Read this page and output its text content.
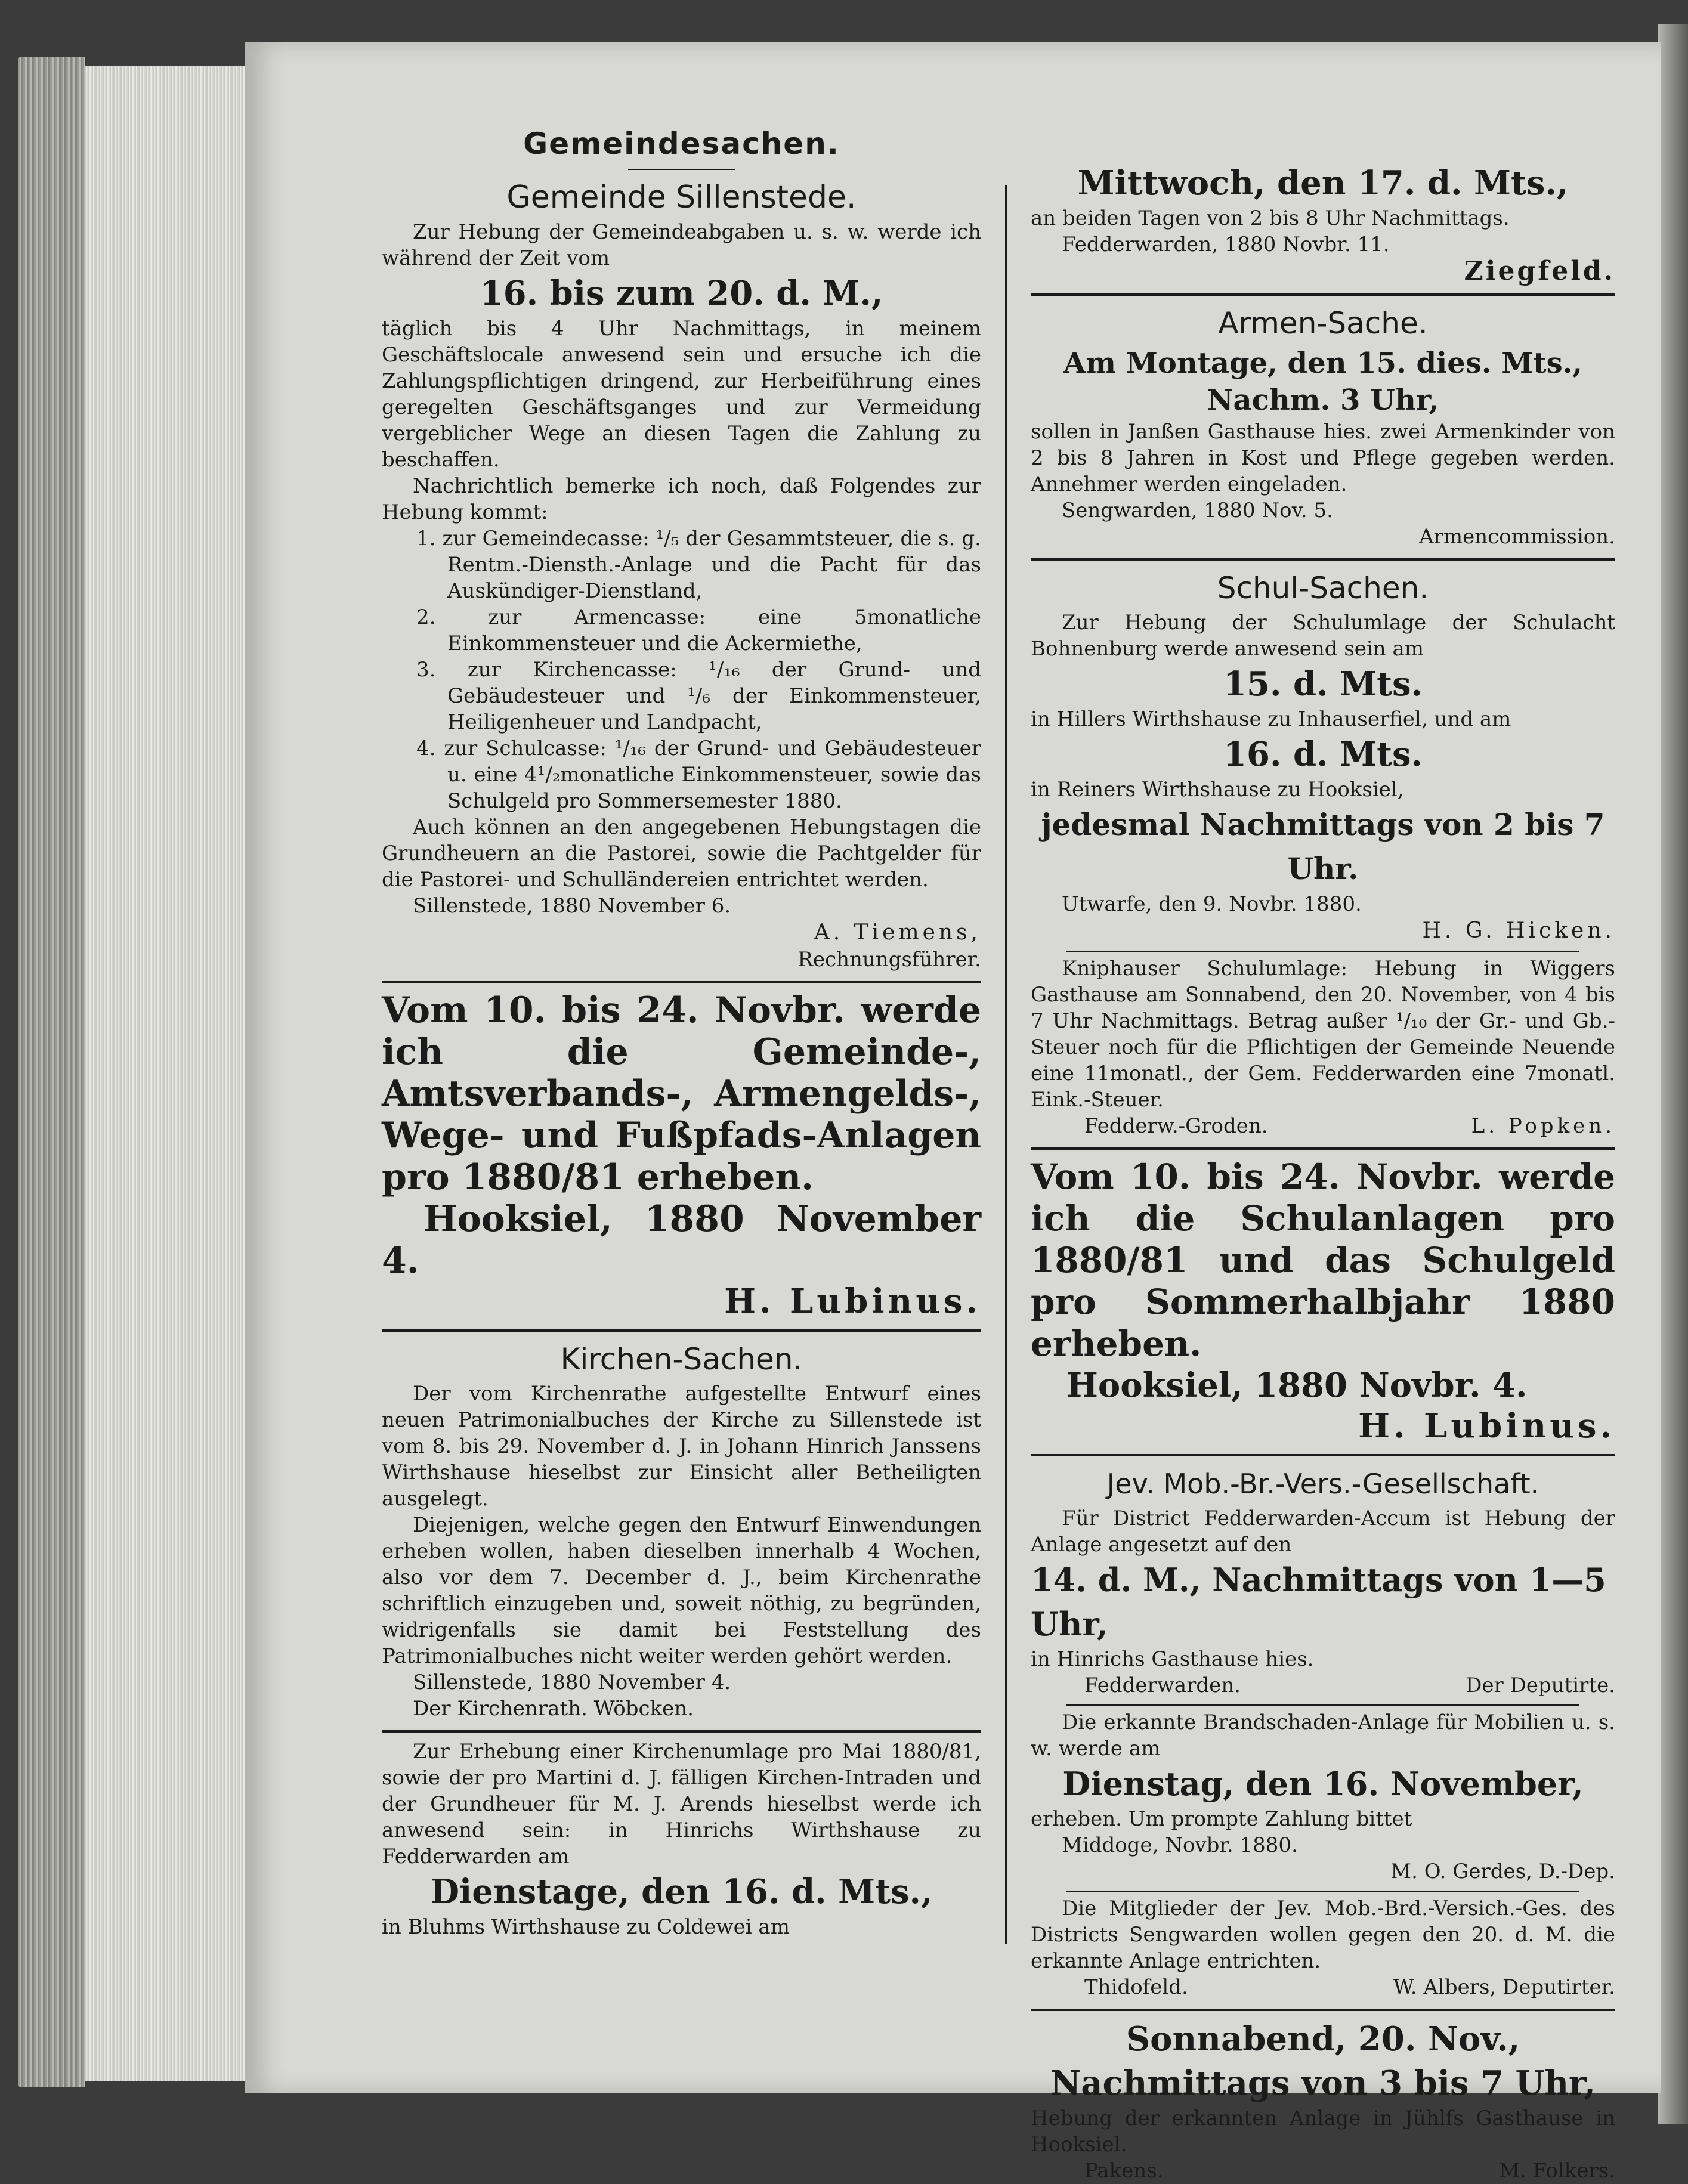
Gemeindesachen.
Gemeinde Sillenstede.

Zur Hebung der Gemeindeabgaben u. s. w. werde ich während der Zeit vom

16. bis zum 20. d. M.,

täglich bis 4 Uhr Nachmittags, in meinem Geschäftslocale anwesend sein und ersuche ich die Zahlungspflichtigen dringend, zur Herbeiführung eines geregelten Geschäftsganges und zur Vermeidung vergeblicher Wege an diesen Tagen die Zahlung zu beschaffen.

Nachrichtlich bemerke ich noch, daß Folgendes zur Hebung kommt:

1. zur Gemeindecasse: ¹/₅ der Gesammtsteuer, die s. g. Rentm.-Diensth.-Anlage und die Pacht für das Auskündiger-Dienstland,

2. zur Armencasse: eine 5monatliche Einkommensteuer und die Ackermiethe,

3. zur Kirchencasse: ¹/₁₆ der Grund- und Gebäudesteuer und ¹/₆ der Einkommensteuer, Heiligenheuer und Landpacht,

4. zur Schulcasse: ¹/₁₆ der Grund- und Gebäudesteuer u. eine 4¹/₂monatliche Einkommensteuer, sowie das Schulgeld pro Sommersemester 1880.

Auch können an den angegebenen Hebungstagen die Grundheuern an die Pastorei, sowie die Pachtgelder für die Pastorei- und Schulländereien entrichtet werden.

Sillenstede, 1880 November 6.

A. Tiemens,
Rechnungsführer.

Vom 10. bis 24. Novbr. werde ich die Gemeinde-, Amtsverbands-, Armengelds-, Wege- und Fußpfads-Anlagen pro 1880/81 erheben.

Hooksiel, 1880 November 4.
H. Lubinus.
Kirchen-Sachen.

Der vom Kirchenrathe aufgestellte Entwurf eines neuen Patrimonialbuches der Kirche zu Sillenstede ist vom 8. bis 29. November d. J. in Johann Hinrich Janssens Wirthshause hieselbst zur Einsicht aller Betheiligten ausgelegt.

Diejenigen, welche gegen den Entwurf Einwendungen erheben wollen, haben dieselben innerhalb 4 Wochen, also vor dem 7. December d. J., beim Kirchenrathe schriftlich einzugeben und, soweit nöthig, zu begründen, widrigenfalls sie damit bei Feststellung des Patrimonialbuches nicht weiter werden gehört werden.

Sillenstede, 1880 November 4.

Der Kirchenrath. Wöbcken.

Zur Erhebung einer Kirchenumlage pro Mai 1880/81, sowie der pro Martini d. J. fälligen Kirchen-Intraden und der Grundheuer für M. J. Arends hieselbst werde ich anwesend sein: in Hinrichs Wirthshause zu Fedderwarden am

Dienstage, den 16. d. Mts.,

in Bluhms Wirthshause zu Coldewei am

Mittwoch, den 17. d. Mts.,

an beiden Tagen von 2 bis 8 Uhr Nachmittags.

Fedderwarden, 1880 Novbr. 11.

Ziegfeld.
Armen-Sache.
Am Montage, den 15. dies. Mts.,
Nachm. 3 Uhr,

sollen in Janßen Gasthause hies. zwei Armenkinder von 2 bis 8 Jahren in Kost und Pflege gegeben werden. Annehmer werden eingeladen.

Sengwarden, 1880 Nov. 5.

Armencommission.
Schul-Sachen.

Zur Hebung der Schulumlage der Schulacht Bohnenburg werde anwesend sein am

15. d. Mts.

in Hillers Wirthshause zu Inhauserfiel, und am

16. d. Mts.

in Reiners Wirthshause zu Hooksiel,

jedesmal Nachmittags von 2 bis 7 Uhr.

Utwarfe, den 9. Novbr. 1880.

H. G. Hicken.

Kniphauser Schulumlage: Hebung in Wiggers Gasthause am Sonnabend, den 20. November, von 4 bis 7 Uhr Nachmittags. Betrag außer ¹/₁₀ der Gr.- und Gb.-Steuer noch für die Pflichtigen der Gemeinde Neuende eine 11monatl., der Gem. Fedderwarden eine 7monatl. Eink.-Steuer.

Fedderw.-Groden.	L. Popken.

Vom 10. bis 24. Novbr. werde ich die Schulanlagen pro 1880/81 und das Schulgeld pro Sommerhalbjahr 1880 erheben.

Hooksiel, 1880 Novbr. 4.
H. Lubinus.
Jev. Mob.-Br.-Vers.-Gesellschaft.

Für District Fedderwarden-Accum ist Hebung der Anlage angesetzt auf den

14. d. M., Nachmittags von 1—5 Uhr,

in Hinrichs Gasthause hies.

Fedderwarden.	Der Deputirte.

Die erkannte Brandschaden-Anlage für Mobilien u. s. w. werde am

Dienstag, den 16. November,

erheben. Um prompte Zahlung bittet

Middoge, Novbr. 1880.

M. O. Gerdes, D.-Dep.

Die Mitglieder der Jev. Mob.-Brd.-Versich.-Ges. des Districts Sengwarden wollen gegen den 20. d. M. die erkannte Anlage entrichten.

Thidofeld.	W. Albers, Deputirter.
Sonnabend, 20. Nov.,
Nachmittags von 3 bis 7 Uhr,

Hebung der erkannten Anlage in Jühlfs Gasthause in Hooksiel.

Pakens.	M. Folkers.
